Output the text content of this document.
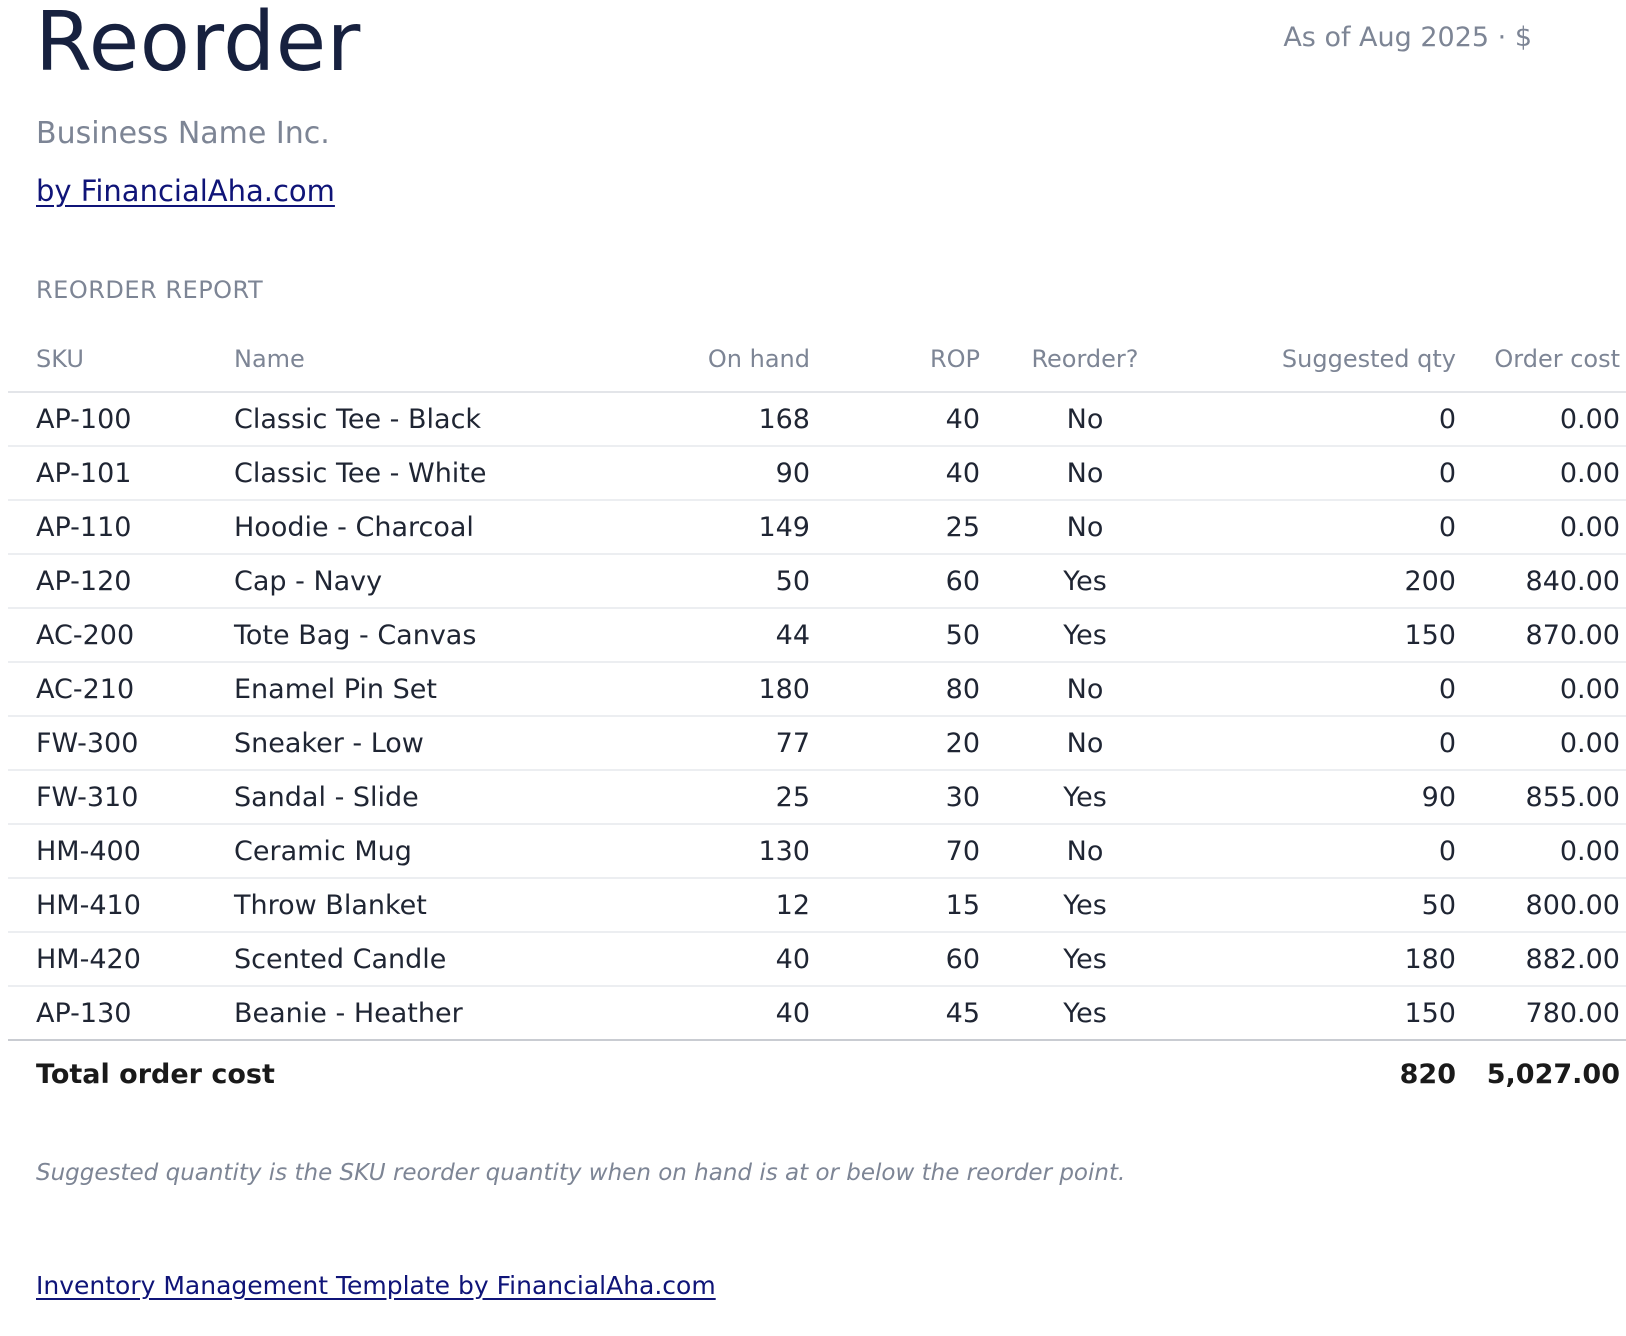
Reorder	As of Aug 2025 · $
Business Name Inc.
by FinancialAha.com
REORDER REPORT
SKU	Name	On hand	ROP	Reorder?	Suggested qty	Order cost
AP-100	Classic Tee - Black	168	40	No	0	0.00
AP-101	Classic Tee - White	90	40	No	0	0.00
AP-110	Hoodie - Charcoal	149	25	No	0	0.00
AP-120	Cap - Navy	50	60	Yes	200	840.00
AC-200	Tote Bag - Canvas	44	50	Yes	150	870.00
AC-210	Enamel Pin Set	180	80	No	0	0.00
FW-300	Sneaker - Low	77	20	No	0	0.00
FW-310	Sandal - Slide	25	30	Yes	90	855.00
HM-400	Ceramic Mug	130	70	No	0	0.00
HM-410	Throw Blanket	12	15	Yes	50	800.00
HM-420	Scented Candle	40	60	Yes	180	882.00
AP-130	Beanie - Heather	40	45	Yes	150	780.00
Total order cost					820	5,027.00
Suggested quantity is the SKU reorder quantity when on hand is at or below the reorder point.
Inventory Management Template by FinancialAha.com
